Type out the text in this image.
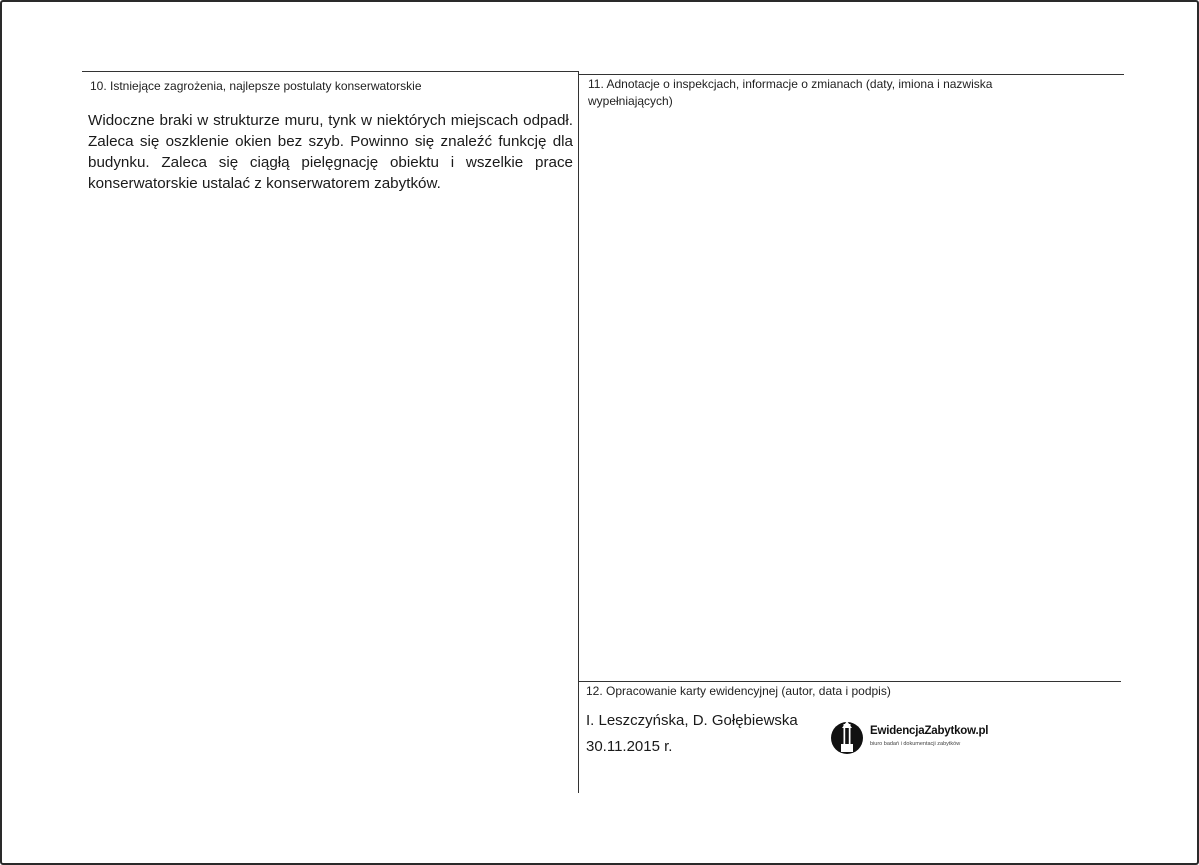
10. Istniejące zagrożenia, najlepsze postulaty konserwatorskie
Widoczne braki w strukturze muru, tynk w niektórych miejscach odpadł. Zaleca się oszklenie okien bez szyb. Powinno się znaleźć funkcję dla budynku. Zaleca się ciągłą pielęgnację obiektu i wszelkie prace konserwatorskie ustalać z konserwatorem zabytków.
11. Adnotacje o inspekcjach, informacje o zmianach (daty, imiona i nazwiska wypełniających)
12. Opracowanie karty ewidencyjnej (autor, data i podpis)
I. Leszczyńska, D. Gołębiewska
30.11.2015 r.
EwidencjaZabytkow.pl
biuro badań i dokumentacji zabytków
